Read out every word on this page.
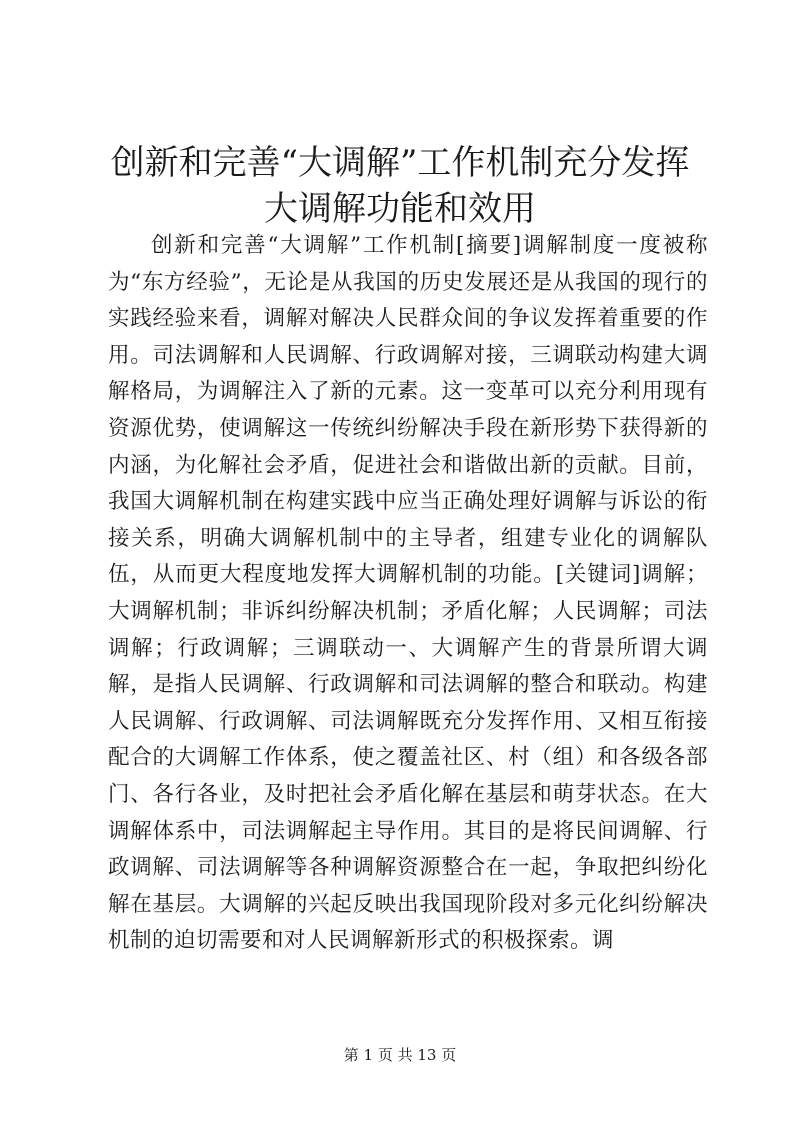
创新和完善“大调解”工作机制充分发挥大调解功能和效用

创新和完善“大调解”工作机制[摘要]调解制度一度被称为“东方经验”，无论是从我国的历史发展还是从我国的现行的实践经验来看，调解对解决人民群众间的争议发挥着重要的作用。司法调解和人民调解、行政调解对接，三调联动构建大调解格局，为调解注入了新的元素。这一变革可以充分利用现有资源优势，使调解这一传统纠纷解决手段在新形势下获得新的内涵，为化解社会矛盾，促进社会和谐做出新的贡献。目前，我国大调解机制在构建实践中应当正确处理好调解与诉讼的衔接关系，明确大调解机制中的主导者，组建专业化的调解队伍，从而更大程度地发挥大调解机制的功能。[关键词]调解；大调解机制；非诉纠纷解决机制；矛盾化解；人民调解；司法调解；行政调解；三调联动一、大调解产生的背景所谓大调解，是指人民调解、行政调解和司法调解的整合和联动。构建人民调解、行政调解、司法调解既充分发挥作用、又相互衔接配合的大调解工作体系，使之覆盖社区、村（组）和各级各部门、各行各业，及时把社会矛盾化解在基层和萌芽状态。在大调解体系中，司法调解起主导作用。其目的是将民间调解、行政调解、司法调解等各种调解资源整合在一起，争取把纠纷化解在基层。大调解的兴起反映出我国现阶段对多元化纠纷解决机制的迫切需要和对人民调解新形式的积极探索。调

第 1 页 共 13 页
